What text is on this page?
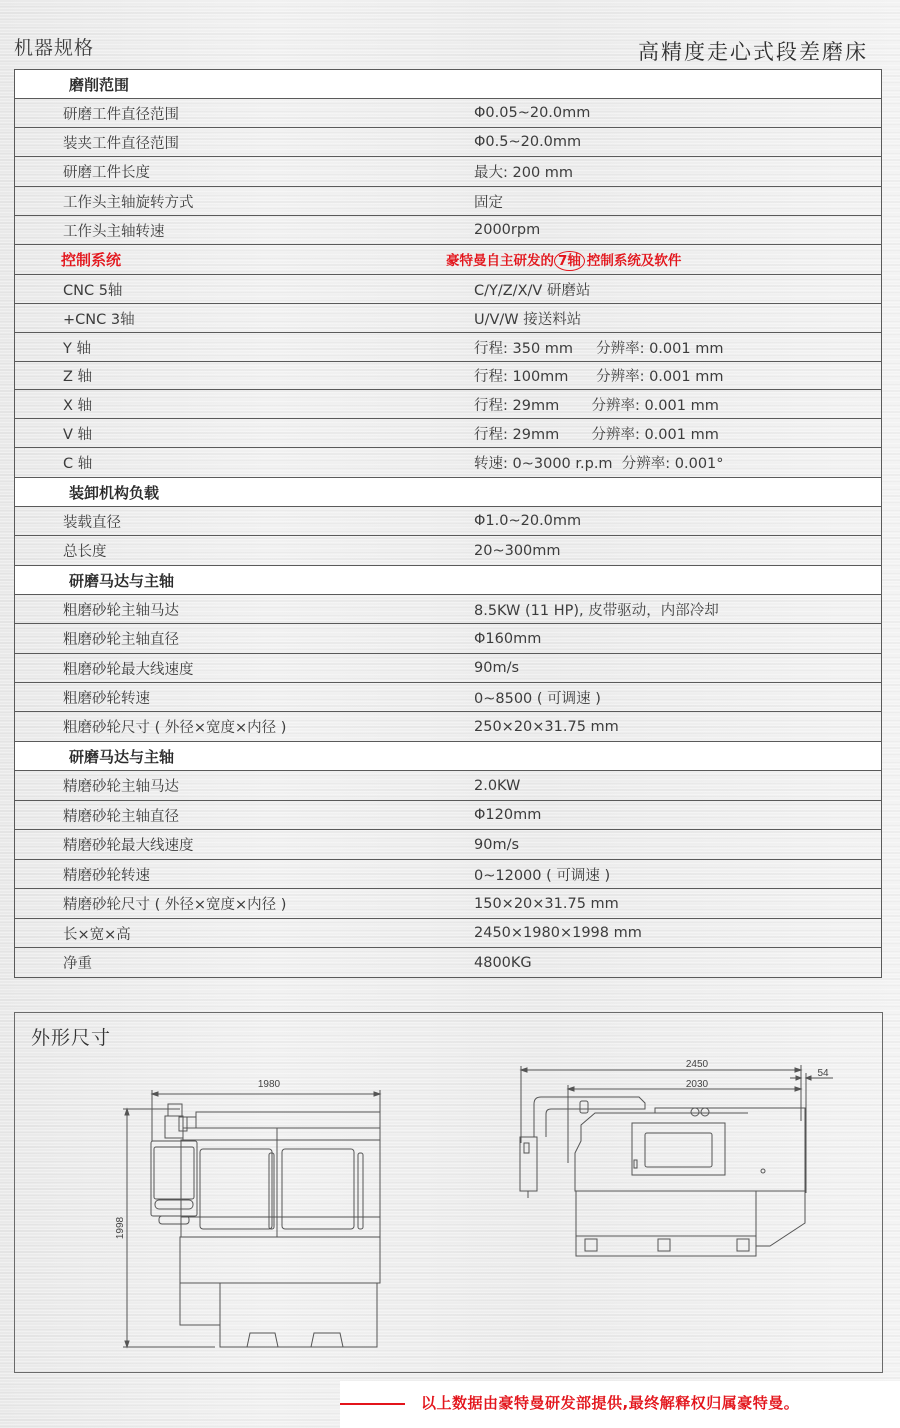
机器规格	高精度走心式段差磨床
磨削范围
研磨工件直径范围	Φ0.05~20.0mm
装夹工件直径范围	Φ0.5~20.0mm
研磨工件长度	最大: 200 mm
工作头主轴旋转方式	固定
工作头主轴转速	2000rpm
控制系统	豪特曼自主研发的 7轴 控制系统及软件
CNC 5轴	C/Y/Z/X/V 研磨站
+CNC 3轴	U/V/W 接送料站
Y 轴	行程: 350 mm     分辨率: 0.001 mm
Z 轴	行程: 100mm      分辨率: 0.001 mm
X 轴	行程: 29mm       分辨率: 0.001 mm
V 轴	行程: 29mm       分辨率: 0.001 mm
C 轴	转速: 0~3000 r.p.m  分辨率: 0.001°
装卸机构负载
装载直径	Φ1.0~20.0mm
总长度	20~300mm
研磨马达与主轴
粗磨砂轮主轴马达	8.5KW (11 HP), 皮带驱动，内部冷却
粗磨砂轮主轴直径	Φ160mm
粗磨砂轮最大线速度	90m/s
粗磨砂轮转速	0~8500 ( 可调速 )
粗磨砂轮尺寸 ( 外径×宽度×内径 )	250×20×31.75 mm
研磨马达与主轴
精磨砂轮主轴马达	2.0KW
精磨砂轮主轴直径	Φ120mm
精磨砂轮最大线速度	90m/s
精磨砂轮转速	0~12000 ( 可调速 )
精磨砂轮尺寸 ( 外径×宽度×内径 )	150×20×31.75 mm
长×宽×高	2450×1980×1998 mm
净重	4800KG
外形尺寸
1980
1998
2450
2030
54
以上数据由豪特曼研发部提供,最终解释权归属豪特曼。
